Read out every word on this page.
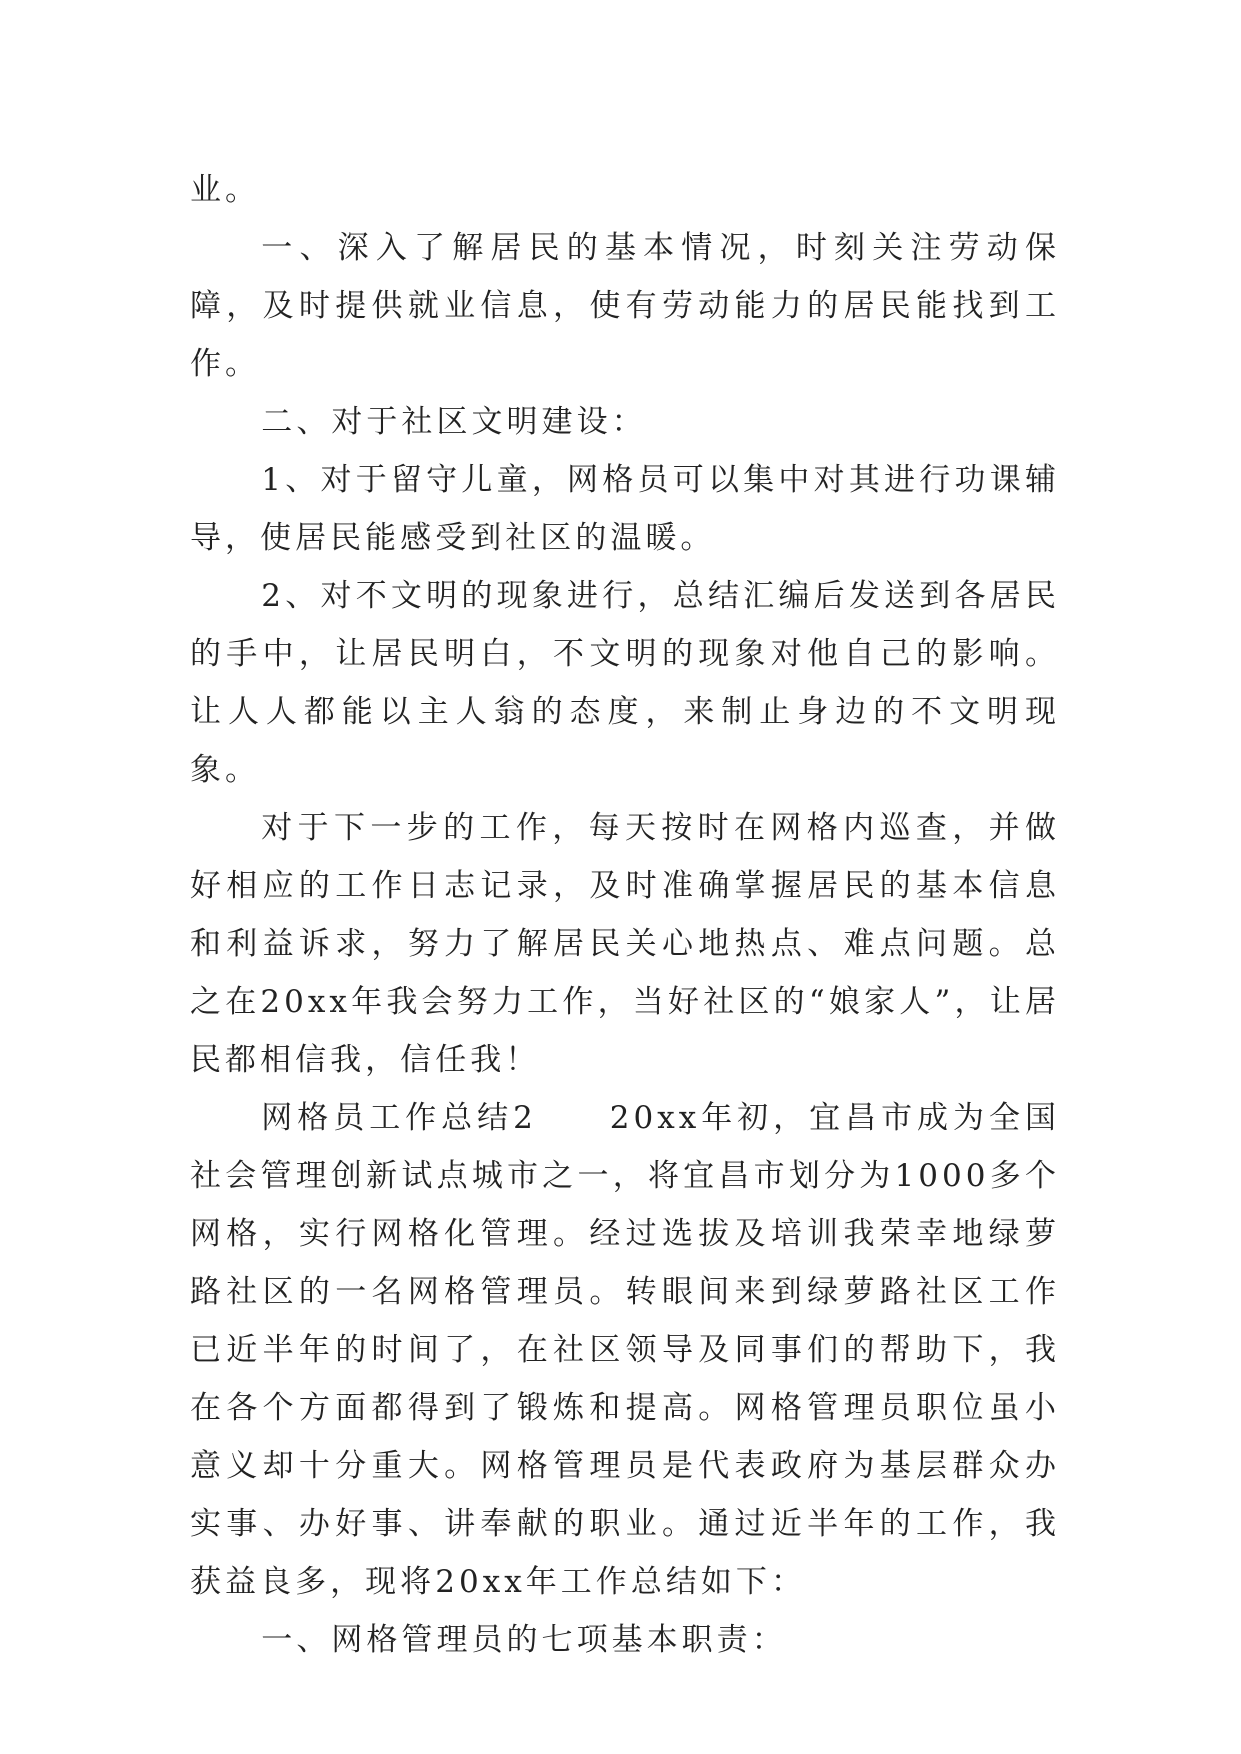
业。

一、深入了解居民的基本情况，时刻关注劳动保障，及时提供就业信息，使有劳动能力的居民能找到工作。

二、对于社区文明建设：

1、对于留守儿童，网格员可以集中对其进行功课辅导，使居民能感受到社区的温暖。

2、对不文明的现象进行，总结汇编后发送到各居民的手中，让居民明白，不文明的现象对他自己的影响。让人人都能以主人翁的态度，来制止身边的不文明现象。

对于下一步的工作，每天按时在网格内巡查，并做好相应的工作日志记录，及时准确掌握居民的基本信息和利益诉求，努力了解居民关心地热点、难点问题。总之在20xx年我会努力工作，当好社区的“娘家人”，让居民都相信我，信任我！

网格员工作总结2　　20xx年初，宜昌市成为全国社会管理创新试点城市之一，将宜昌市划分为1000多个网格，实行网格化管理。经过选拔及培训我荣幸地绿萝路社区的一名网格管理员。转眼间来到绿萝路社区工作已近半年的时间了，在社区领导及同事们的帮助下，我在各个方面都得到了锻炼和提高。网格管理员职位虽小意义却十分重大。网格管理员是代表政府为基层群众办实事、办好事、讲奉献的职业。通过近半年的工作，我获益良多，现将20xx年工作总结如下：

一、网格管理员的七项基本职责：
